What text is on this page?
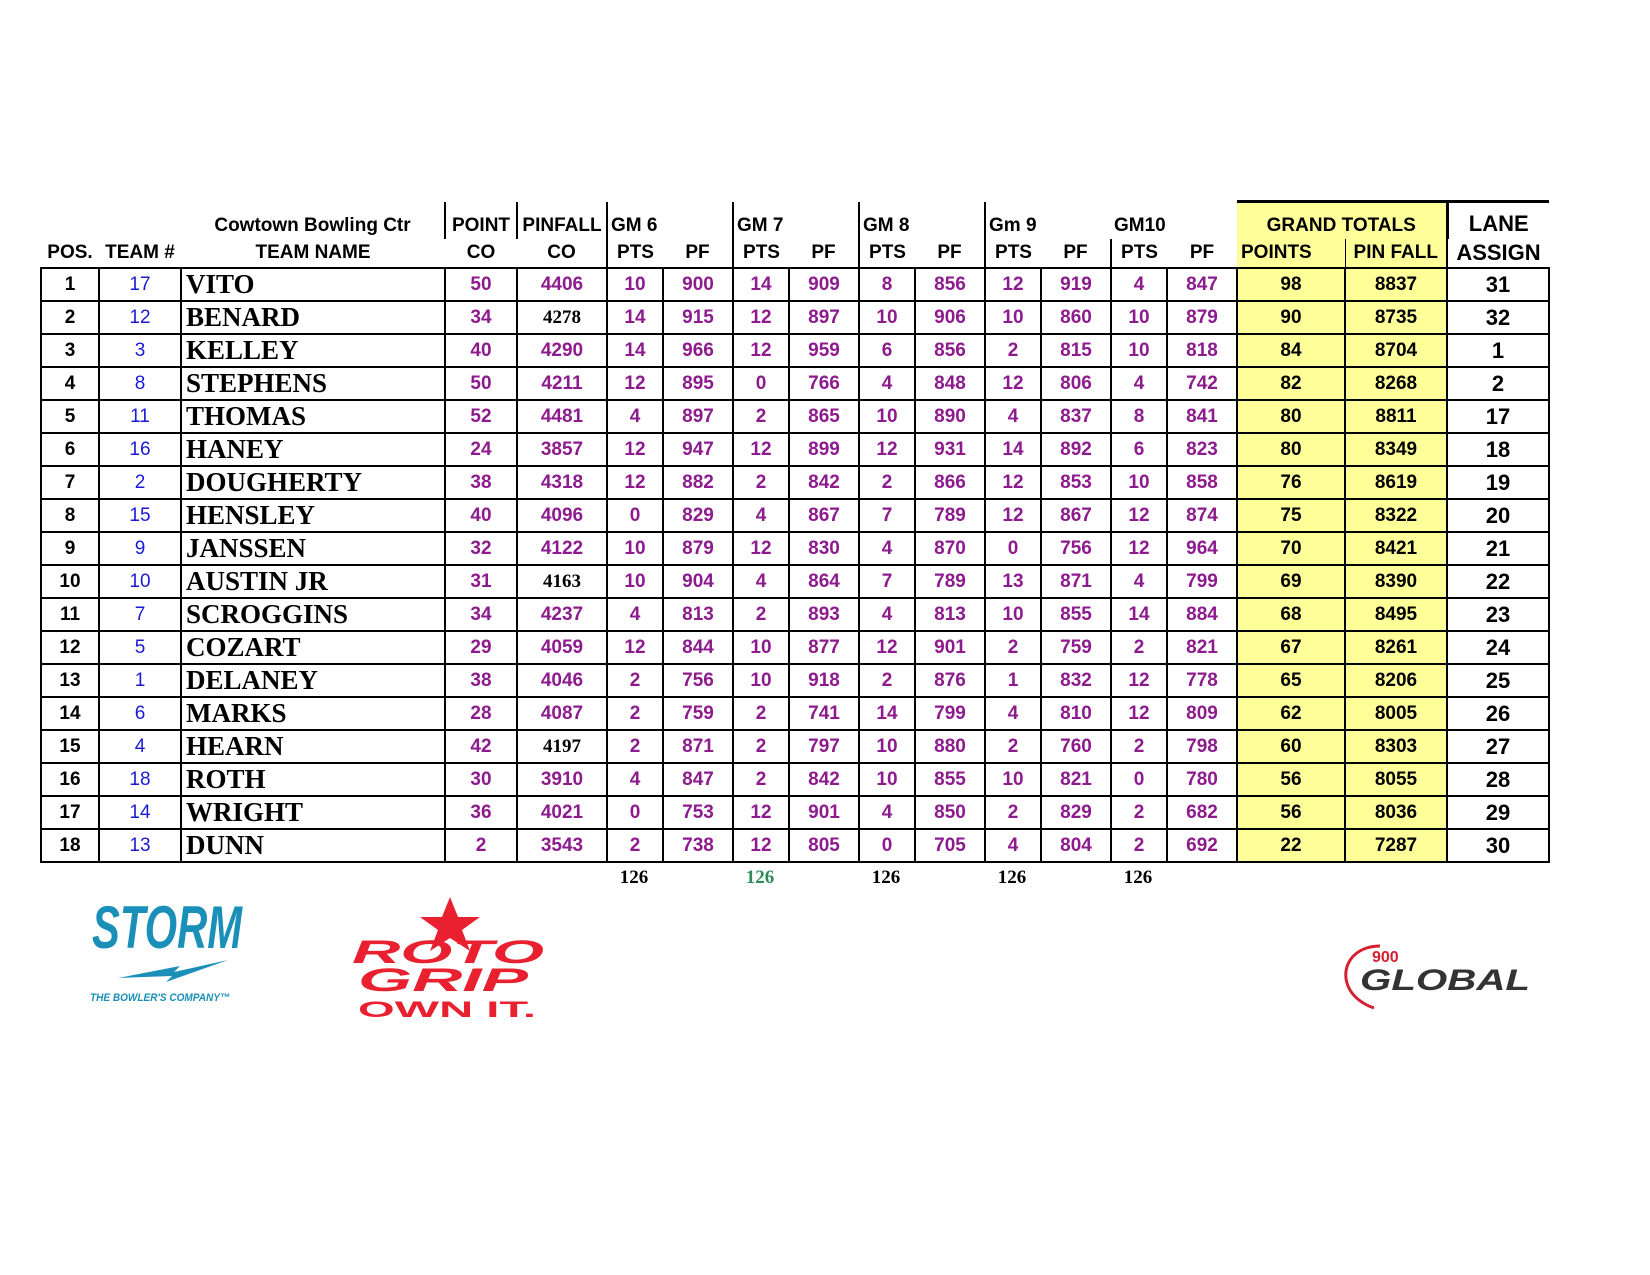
		Cowtown Bowling Ctr	POINT	PINFALL	GM 6		GM 7		GM 8		Gm 9		GM10		GRAND TOTALS		LANE
POS.	TEAM #	TEAM NAME	CO	CO	PTS	PF	PTS	PF	PTS	PF	PTS	PF	PTS	PF	POINTS	PIN FALL	ASSIGN
1	17	VITO	50	4406	10	900	14	909	8	856	12	919	4	847	98	8837	31
2	12	BENARD	34	4278	14	915	12	897	10	906	10	860	10	879	90	8735	32
3	3	KELLEY	40	4290	14	966	12	959	6	856	2	815	10	818	84	8704	1
4	8	STEPHENS	50	4211	12	895	0	766	4	848	12	806	4	742	82	8268	2
5	11	THOMAS	52	4481	4	897	2	865	10	890	4	837	8	841	80	8811	17
6	16	HANEY	24	3857	12	947	12	899	12	931	14	892	6	823	80	8349	18
7	2	DOUGHERTY	38	4318	12	882	2	842	2	866	12	853	10	858	76	8619	19
8	15	HENSLEY	40	4096	0	829	4	867	7	789	12	867	12	874	75	8322	20
9	9	JANSSEN	32	4122	10	879	12	830	4	870	0	756	12	964	70	8421	21
10	10	AUSTIN JR	31	4163	10	904	4	864	7	789	13	871	4	799	69	8390	22
11	7	SCROGGINS	34	4237	4	813	2	893	4	813	10	855	14	884	68	8495	23
12	5	COZART	29	4059	12	844	10	877	12	901	2	759	2	821	67	8261	24
13	1	DELANEY	38	4046	2	756	10	918	2	876	1	832	12	778	65	8206	25
14	6	MARKS	28	4087	2	759	2	741	14	799	4	810	12	809	62	8005	26
15	4	HEARN	42	4197	2	871	2	797	10	880	2	760	2	798	60	8303	27
16	18	ROTH	30	3910	4	847	2	842	10	855	10	821	0	780	56	8055	28
17	14	WRIGHT	36	4021	0	753	12	901	4	850	2	829	2	682	56	8036	29
18	13	DUNN	2	3543	2	738	12	805	0	705	4	804	2	692	22	7287	30
					126		126		126		126		126				
STORM
THE BOWLER'S COMPANY™
ROTO
GRIP
OWN IT.
900
GLOBAL
